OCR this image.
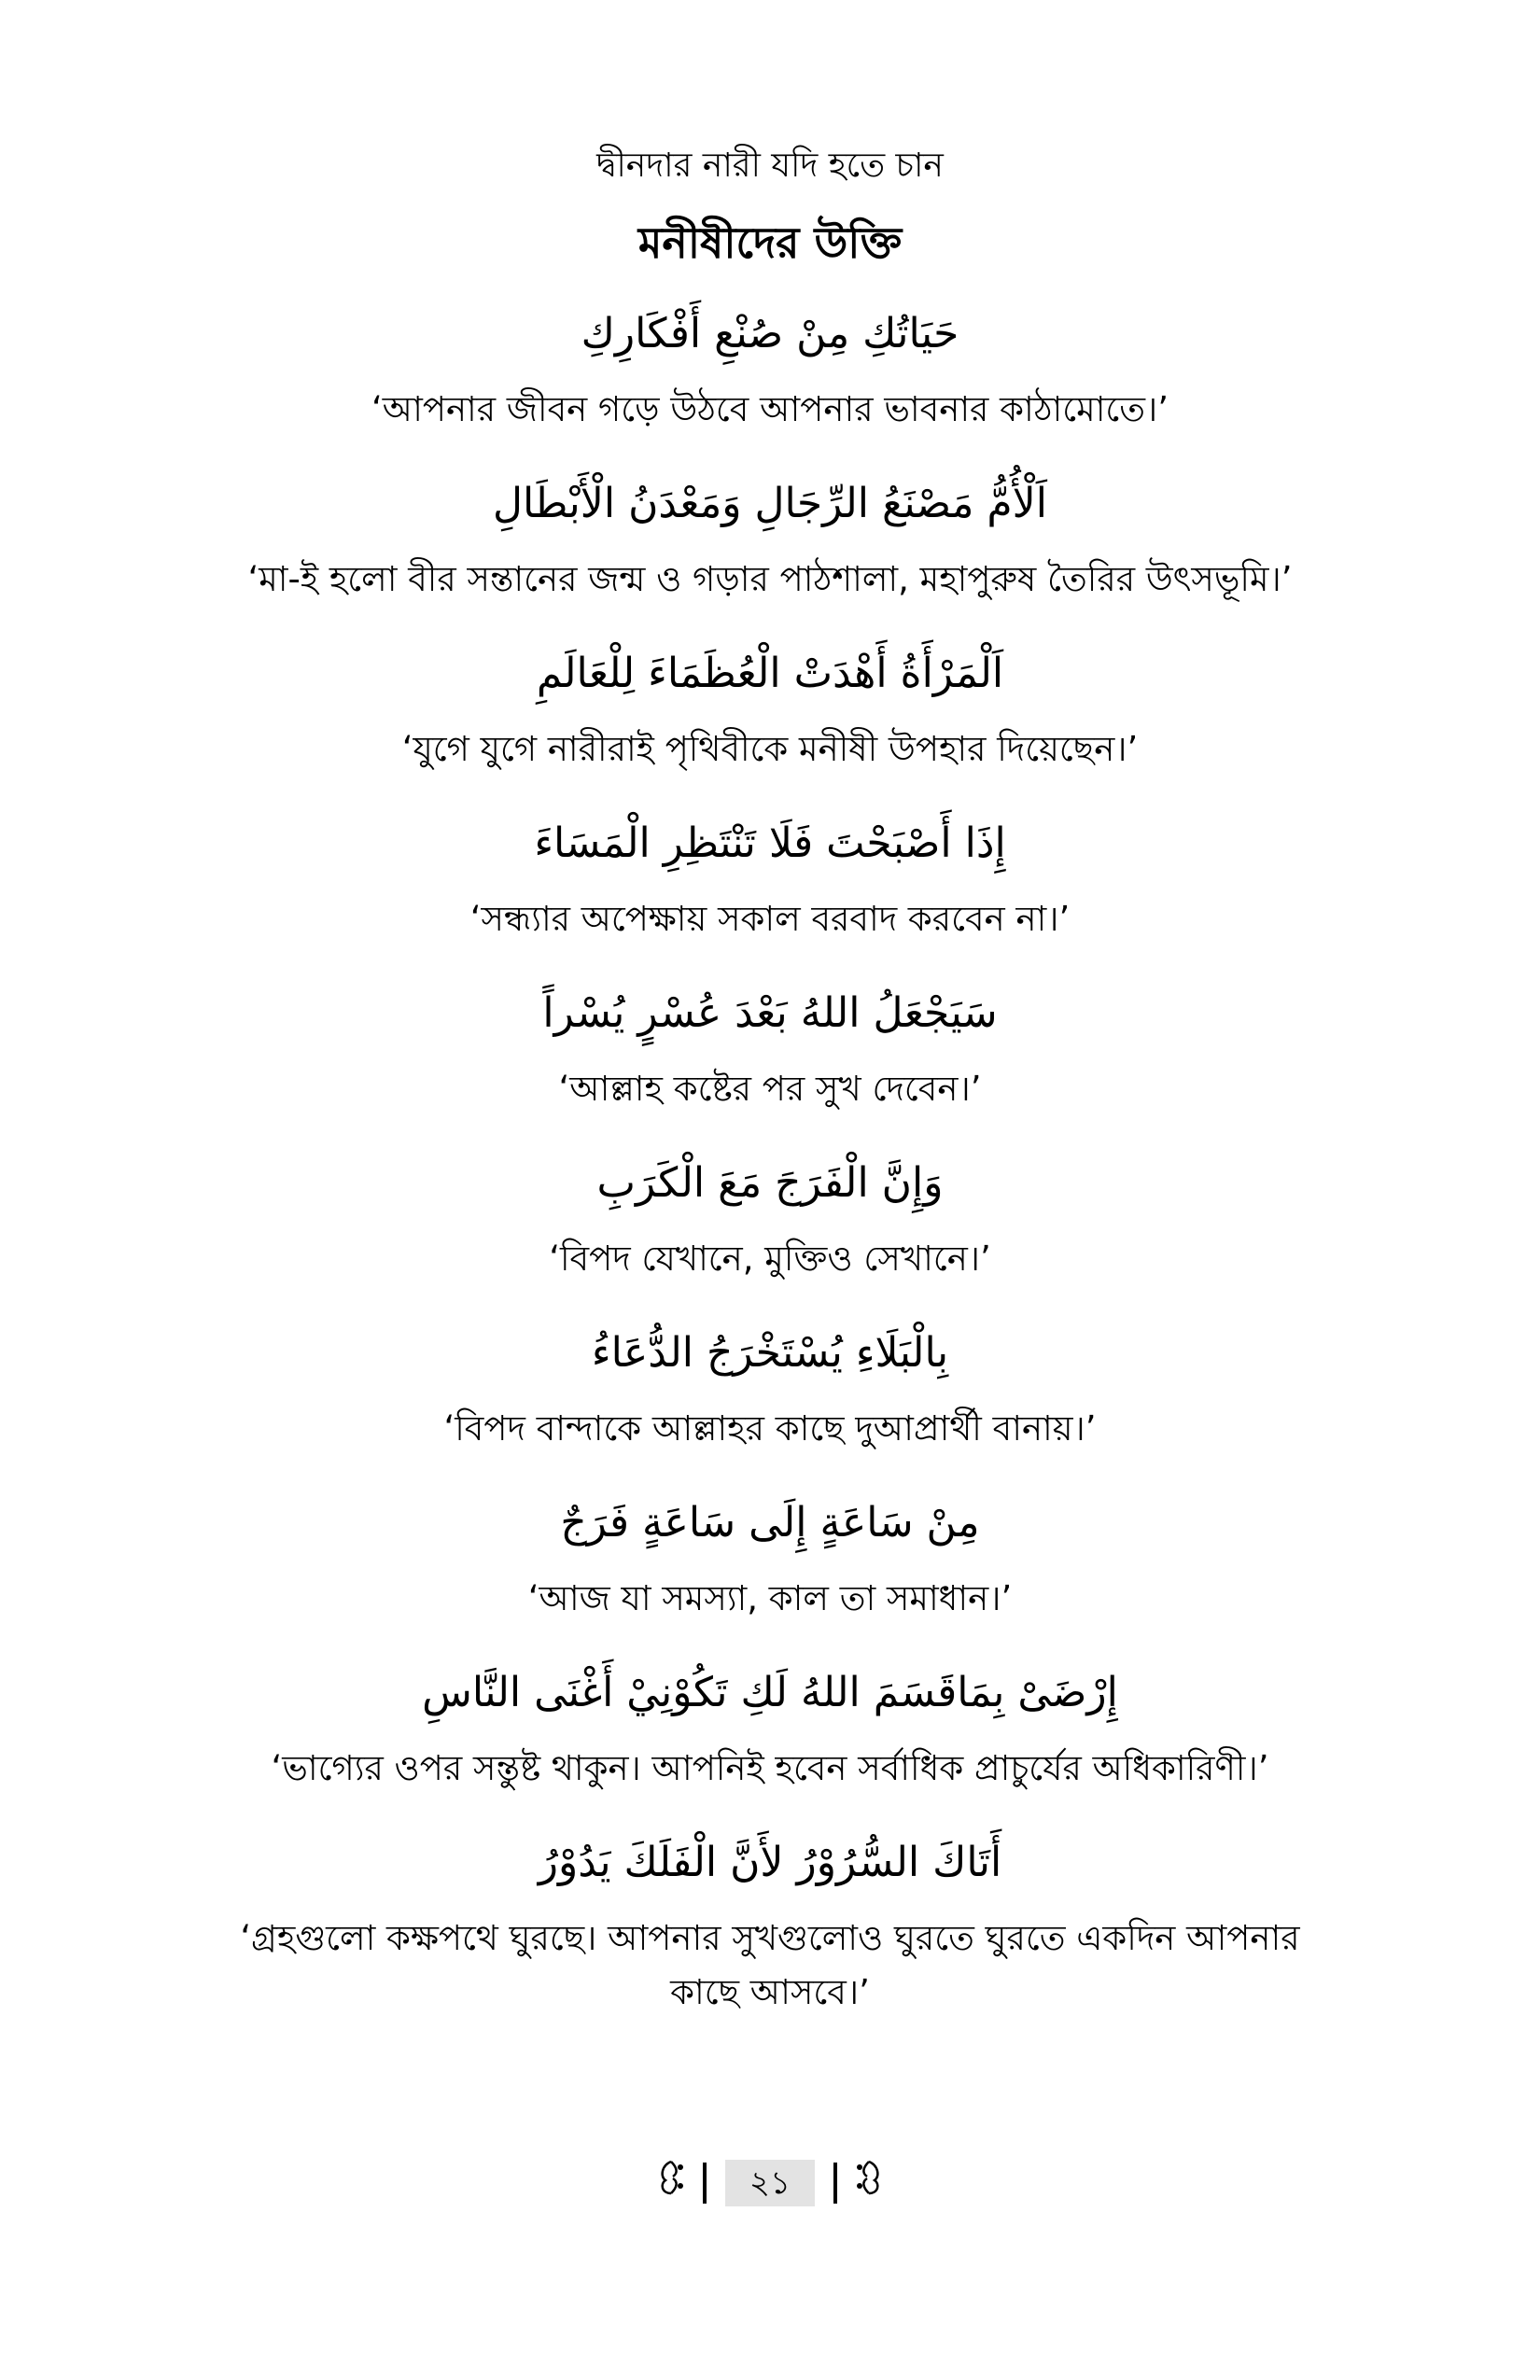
দ্বীনদার নারী যদি হতে চান
মনীষীদের উক্তি
حَيَاتُكِ مِنْ صُنْعِ أَفْكَارِكِ
‘আপনার জীবন গড়ে উঠবে আপনার ভাবনার কাঠামোতে।’
اَلْأُمُّ مَصْنَعُ الرِّجَالِ وَمَعْدَنُ الْأَبْطَالِ
‘মা-ই হলো বীর সন্তানের জন্ম ও গড়ার পাঠশালা, মহাপুরুষ তৈরির উৎসভূমি।’
اَلْمَرْأَةُ أَهْدَتْ الْعُظَمَاءَ لِلْعَالَمِ
‘যুগে যুগে নারীরাই পৃথিবীকে মনীষী উপহার দিয়েছেন।’
إِذَا أَصْبَحْتَ فَلَا تَنْتَظِرِ الْمَسَاءَ
‘সন্ধ্যার অপেক্ষায় সকাল বরবাদ করবেন না।’
سَيَجْعَلُ اللهُ بَعْدَ عُسْرٍ يُسْراً
‘আল্লাহ কষ্টের পর সুখ দেবেন।’
وَإِنَّ الْفَرَجَ مَعَ الْكَرَبِ
‘বিপদ যেখানে, মুক্তিও সেখানে।’
بِالْبَلَاءِ يُسْتَخْرَجُ الدُّعَاءُ
‘বিপদ বান্দাকে আল্লাহর কাছে দুআপ্রার্থী বানায়।’
مِنْ سَاعَةٍ إِلَى سَاعَةٍ فَرَجٌ
‘আজ যা সমস্যা, কাল তা সমাধান।’
إِرْضَىْ بِمَاقَسَمَ اللهُ لَكِ تَكُوْنِيْ أَغْنَى النَّاسِ
‘ভাগ্যের ওপর সন্তুষ্ট থাকুন। আপনিই হবেন সর্বাধিক প্রাচুর্যের অধিকারিণী।’
أَتَاكَ السُّرُوْرُ لأَنَّ الْفَلَكَ يَدُوْرُ
‘গ্রহগুলো কক্ষপথে ঘুরছে। আপনার সুখগুলোও ঘুরতে ঘুরতে একদিন আপনার কাছে আসবে।’
২১
